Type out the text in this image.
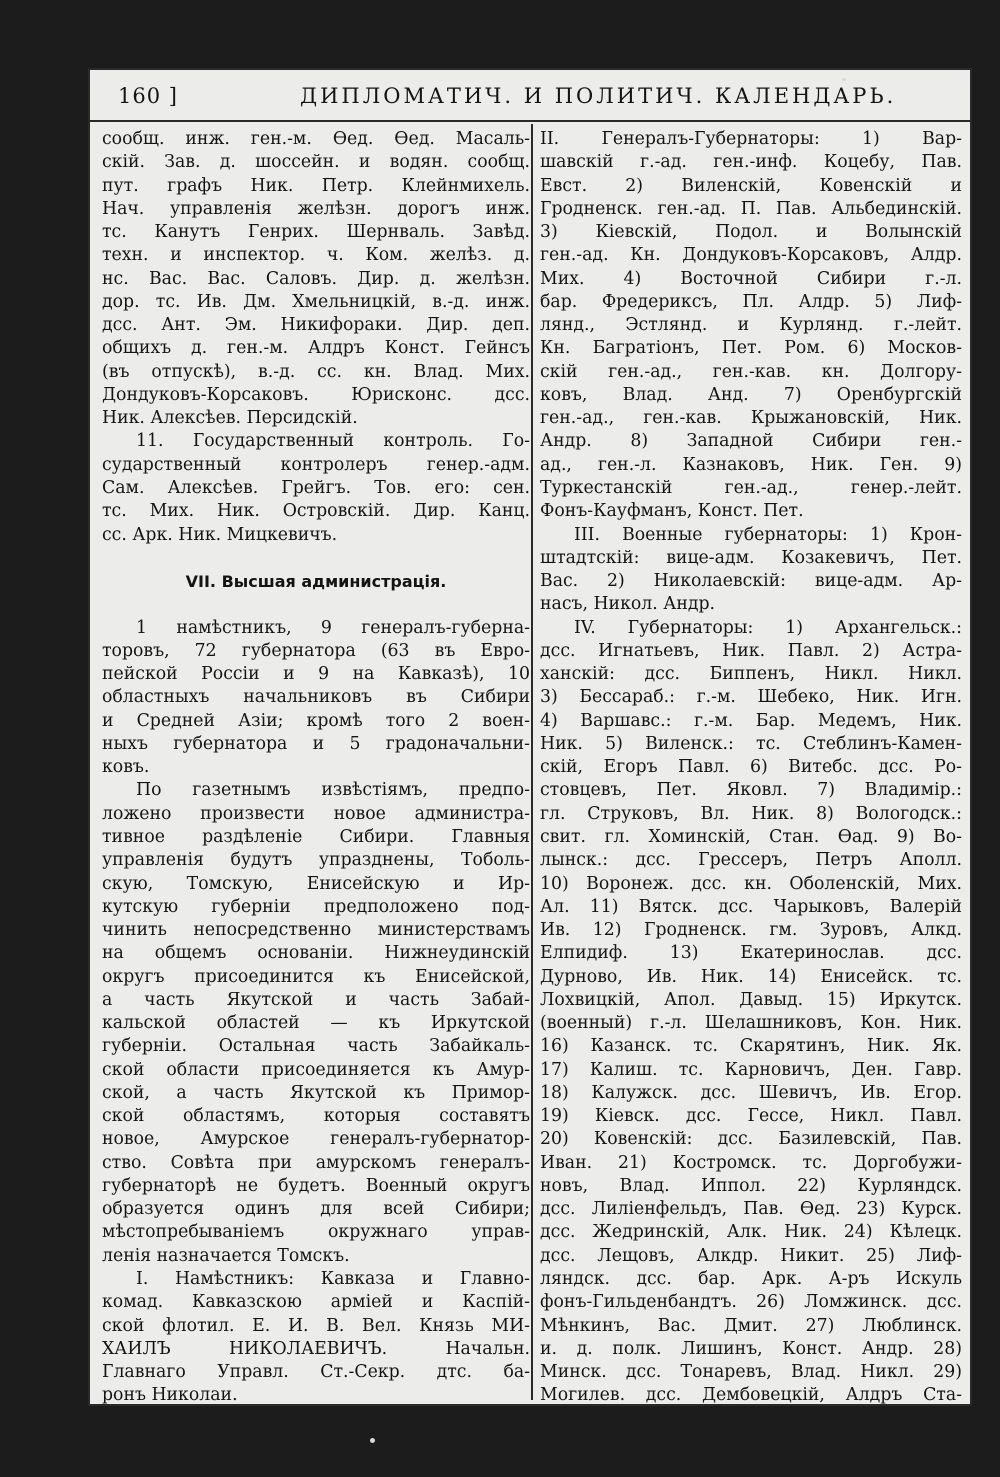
160 ]	ДИПЛОМАТИЧ. И ПОЛИТИЧ. КАЛЕНДАРЬ.
сообщ. инж. ген.-м. Ѳед. Ѳед. Масаль-
скій. Зав. д. шоссейн. и водян. сообщ.
пут. графъ Ник. Петр. Клейнмихель.
Нач. управленія желѣзн. дорогъ инж.
тс. Канутъ Генрих. Шернваль. Завѣд.
техн. и инспектор. ч. Ком. желѣз. д.
нс. Вас. Вас. Саловъ. Дир. д. желѣзн.
дор. тс. Ив. Дм. Хмельницкій, в.-д. инж.
дсс. Ант. Эм. Никифораки. Дир. деп.
общихъ д. ген.-м. Алдръ Конст. Гейнсъ
(въ отпускѣ), в.-д. сс. кн. Влад. Мих.
Дондуковъ-Корсаковъ. Юрисконс. дсс.
Ник. Алексѣев. Персидскій.
11. Государственный контроль. Го-
сударственный контролеръ генер.-адм.
Сам. Алексѣев. Грейгъ. Тов. его: сен.
тс. Мих. Ник. Островскій. Дир. Канц.
сс. Арк. Ник. Мицкевичъ.
VII. Высшая администрація.
1 намѣстникъ, 9 генералъ-губерна-
торовъ, 72 губернатора (63 въ Евро-
пейской Россіи и 9 на Кавказѣ), 10
областныхъ начальниковъ въ Сибири
и Средней Азіи; кромѣ того 2 воен-
ныхъ губернатора и 5 градоначальни-
ковъ.
По газетнымъ извѣстіямъ, предпо-
ложено произвести новое администра-
тивное раздѣленіе Сибири. Главныя
управленія будутъ упразднены, Тоболь-
скую, Томскую, Енисейскую и Ир-
кутскую губерніи предположено под-
чинить непосредственно министерствамъ
на общемъ основаніи. Нижнеудинскій
округъ присоединится къ Енисейской,
а часть Якутской и часть Забай-
кальской областей — къ Иркутской
губерніи. Остальная часть Забайкаль-
ской области присоединяется къ Амур-
ской, а часть Якутской къ Примор-
ской областямъ, которыя составятъ
новое, Амурское генералъ-губернатор-
ство. Совѣта при амурскомъ генералъ-
губернаторѣ не будетъ. Военный округъ
образуется одинъ для всей Сибири;
мѣстопребываніемъ окружнаго управ-
ленія назначается Томскъ.
I. Намѣстникъ: Кавказа и Главно-
комад. Кавказскою арміей и Каспій-
ской флотил. Е. И. В. Вел. Князь МИ-
ХАИЛЪ НИКОЛАЕВИЧЪ. Начальн.
Главнаго Управл. Ст.-Секр. дтс. ба-
ронъ Николаи.
II. Генералъ-Губернаторы: 1) Вар-
шавскій г.-ад. ген.-инф. Коцебу, Пав.
Евст. 2) Виленскій, Ковенскій и
Гродненск. ген.-ад. П. Пав. Альбединскій.
3) Кіевскій, Подол. и Волынскій
ген.-ад. Кн. Дондуковъ-Корсаковъ, Алдр.
Мих. 4) Восточной Сибири г.-л.
бар. Фредериксъ, Пл. Алдр. 5) Лиф-
лянд., Эстлянд. и Курлянд. г.-лейт.
Кн. Багратіонъ, Пет. Ром. 6) Москов-
скій ген.-ад., ген.-кав. кн. Долгору-
ковъ, Влад. Анд. 7) Оренбургскій
ген.-ад., ген.-кав. Крыжановскій, Ник.
Андр. 8) Западной Сибири ген.-
ад., ген.-л. Казнаковъ, Ник. Ген. 9)
Туркестанскій ген.-ад., генер.-лейт.
Фонъ-Кауфманъ, Конст. Пет.
III. Военные губернаторы: 1) Крон-
штадтскій: вице-адм. Козакевичъ, Пет.
Вас. 2) Николаевскій: вице-адм. Ар-
насъ, Никол. Андр.
IV. Губернаторы: 1) Архангельск.:
дсс. Игнатьевъ, Ник. Павл. 2) Астра-
ханскій: дсс. Биппенъ, Никл. Никл.
3) Бессараб.: г.-м. Шебеко, Ник. Игн.
4) Варшавс.: г.-м. Бар. Медемъ, Ник.
Ник. 5) Виленск.: тс. Стеблинъ-Камен-
скій, Егоръ Павл. 6) Витебс. дсс. Ро-
стовцевъ, Пет. Яковл. 7) Владимір.:
гл. Струковъ, Вл. Ник. 8) Вологодск.:
свит. гл. Хоминскій, Стан. Ѳад. 9) Во-
лынск.: дсс. Грессеръ, Петръ Аполл.
10) Воронеж. дсс. кн. Оболенскій, Мих.
Ал. 11) Вятск. дсс. Чарыковъ, Валерій
Ив. 12) Гродненск. гм. Зуровъ, Алкд.
Елпидиф. 13) Екатеринослав. дсс.
Дурново, Ив. Ник. 14) Енисейск. тс.
Лохвицкій, Апол. Давыд. 15) Иркутск.
(военный) г.-л. Шелашниковъ, Кон. Ник.
16) Казанск. тс. Скарятинъ, Ник. Як.
17) Калиш. тс. Карновичъ, Ден. Гавр.
18) Калужск. дсс. Шевичъ, Ив. Егор.
19) Кіевск. дсс. Гессе, Никл. Павл.
20) Ковенскій: дсс. Базилевскій, Пав.
Иван. 21) Костромск. тс. Доргобужи-
новъ, Влад. Иппол. 22) Курляндск.
дсс. Лиліенфельдъ, Пав. Ѳед. 23) Курск.
дсс. Жедринскій, Алк. Ник. 24) Кѣлецк.
дсс. Лещовъ, Алкдр. Никит. 25) Лиф-
ляндск. дсс. бар. Арк. А-ръ Искуль
фонъ-Гильденбандтъ. 26) Ломжинск. дсс.
Мѣнкинъ, Вас. Дмит. 27) Люблинск.
и. д. полк. Лишинъ, Конст. Андр. 28)
Минск. дсс. Тонаревъ, Влад. Никл. 29)
Могилев. дсс. Дембовецкій, Алдръ Ста-
